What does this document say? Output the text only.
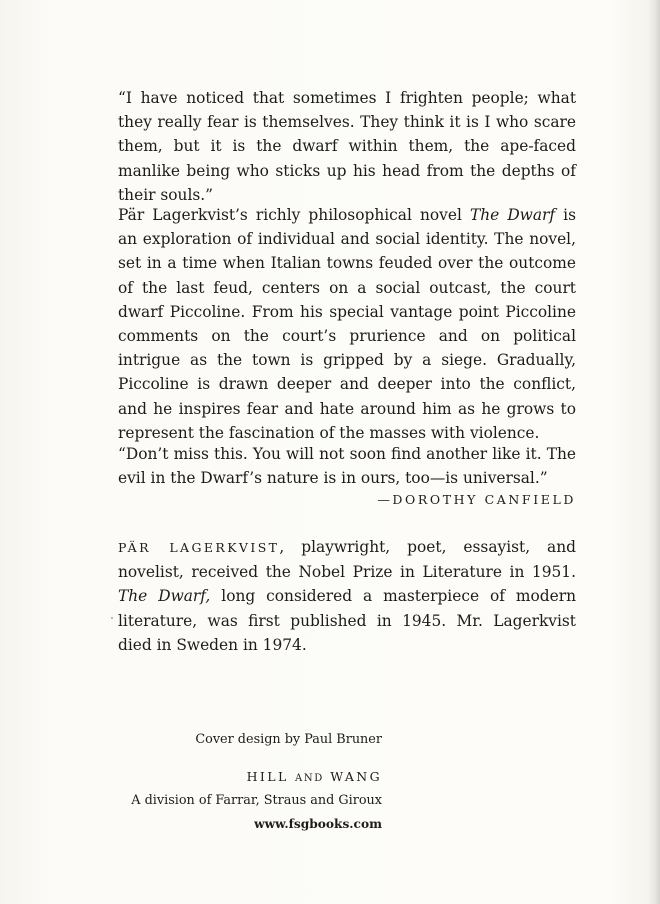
“I have noticed that sometimes I frighten people; what they really fear is themselves. They think it is I who scare them, but it is the dwarf within them, the ape-faced manlike being who sticks up his head from the depths of their souls.”

Pär Lagerkvist’s richly philosophical novel The Dwarf is an exploration of individual and social identity. The novel, set in a time when Italian towns feuded over the outcome of the last feud, centers on a social outcast, the court dwarf Piccoline. From his special vantage point Piccoline comments on the court’s prurience and on political intrigue as the town is gripped by a siege. Gradually, Piccoline is drawn deeper and deeper into the conflict, and he inspires fear and hate around him as he grows to represent the fascination of the masses with violence.

“Don’t miss this. You will not soon find another like it. The evil in the Dwarf’s nature is in ours, too—is universal.”

—DOROTHY CANFIELD

PÄR LAGERKVIST, playwright, poet, essayist, and novelist, received the Nobel Prize in Literature in 1951. The Dwarf, long considered a masterpiece of modern literature, was first published in 1945. Mr. Lagerkvist died in Sweden in 1974.

Cover design by Paul Bruner
HILL AND WANG
A division of Farrar, Straus and Giroux
www.fsgbooks.com
